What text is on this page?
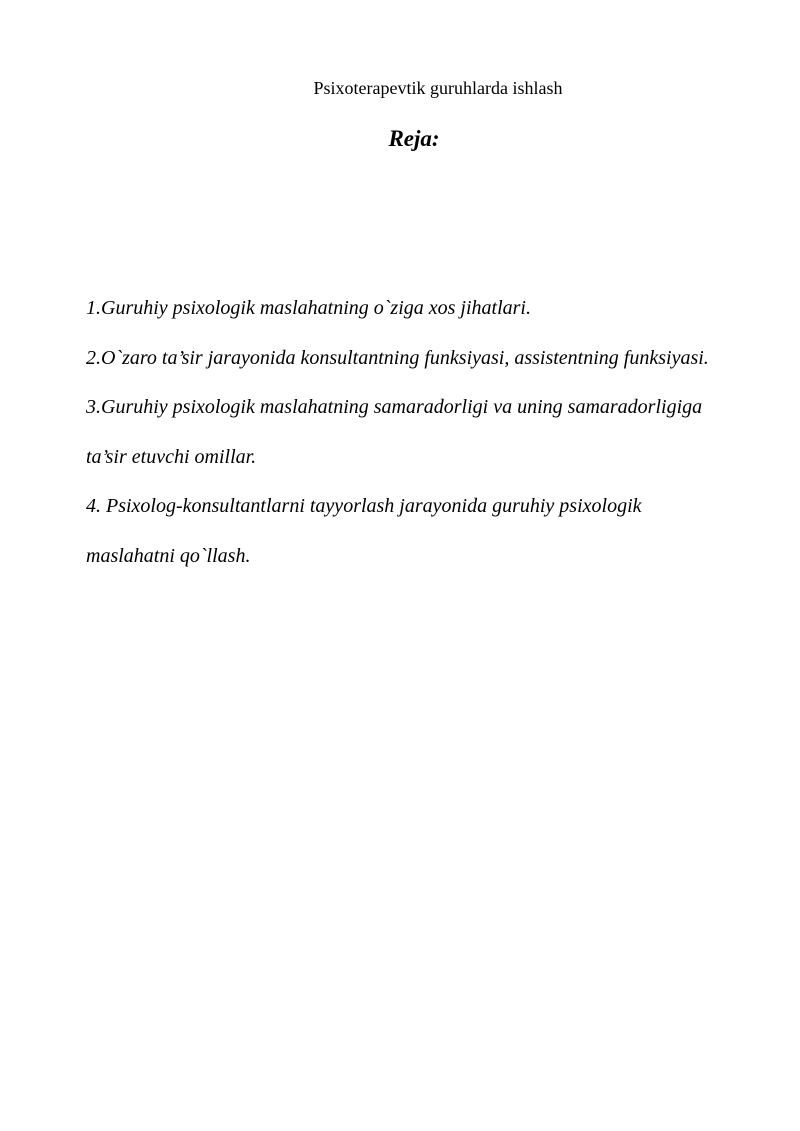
Psixoterapevtik guruhlarda ishlash
Reja:
1.Guruhiy psixologik maslahatning o`ziga xos jihatlari.
2.O`zaro ta’sir jarayonida konsultantning funksiyasi, assistentning funksiyasi.
3.Guruhiy psixologik maslahatning samaradorligi va uning samaradorligiga ta’sir etuvchi omillar.
4. Psixolog-konsultantlarni tayyorlash jarayonida guruhiy psixologik maslahatni qo`llash.
